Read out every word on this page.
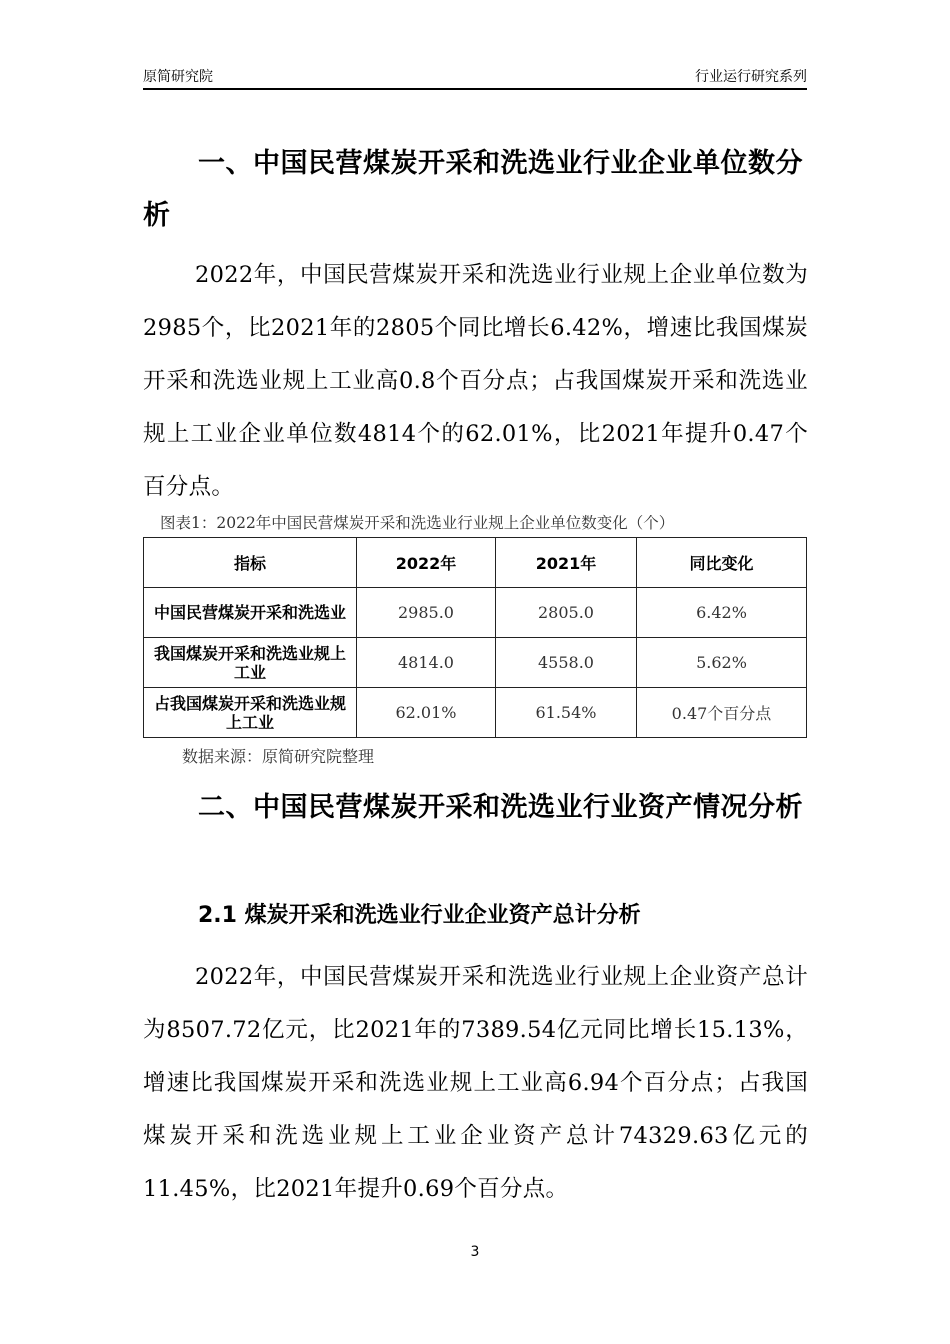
原简研究院	行业运行研究系列
一、中国民营煤炭开采和洗选业行业企业单位数分析
2022年，中国民营煤炭开采和洗选业行业规上企业单位数为2985个，比2021年的2805个同比增长6.42%，增速比我国煤炭开采和洗选业规上工业高0.8个百分点；占我国煤炭开采和洗选业规上工业企业单位数4814个的62.01%，比2021年提升0.47个百分点。
图表1：2022年中国民营煤炭开采和洗选业行业规上企业单位数变化（个）
指标	2022年	2021年	同比变化
中国民营煤炭开采和洗选业	2985.0	2805.0	6.42%
我国煤炭开采和洗选业规上工业	4814.0	4558.0	5.62%
占我国煤炭开采和洗选业规上工业	62.01%	61.54%	0.47个百分点
数据来源：原简研究院整理
二、中国民营煤炭开采和洗选业行业资产情况分析
2.1 煤炭开采和洗选业行业企业资产总计分析
2022年，中国民营煤炭开采和洗选业行业规上企业资产总计为8507.72亿元，比2021年的7389.54亿元同比增长15.13%，增速比我国煤炭开采和洗选业规上工业高6.94个百分点；占我国煤炭开采和洗选业规上工业企业资产总计74329.63亿元的11.45%，比2021年提升0.69个百分点。
3
